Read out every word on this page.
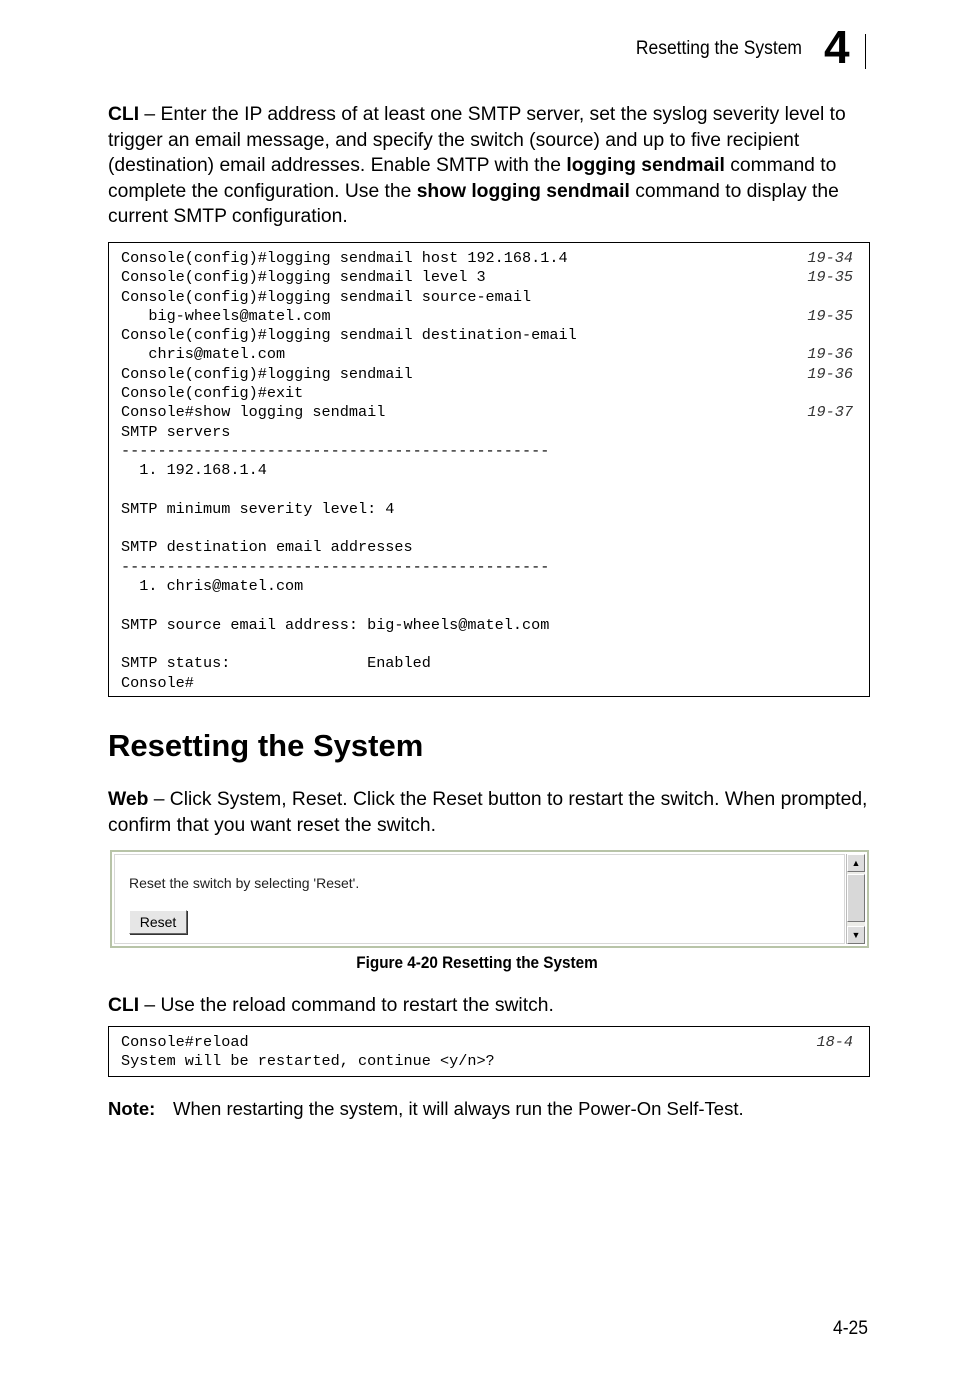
Resetting the System 4
CLI – Enter the IP address of at least one SMTP server, set the syslog severity level to trigger an email message, and specify the switch (source) and up to five recipient (destination) email addresses. Enable SMTP with the logging sendmail command to complete the configuration. Use the show logging sendmail command to display the current SMTP configuration.
Console(config)#logging sendmail host 192.168.1.4	19-34
Console(config)#logging sendmail level 3	19-35
Console(config)#logging sendmail source-email
big-wheels@matel.com	19-35
Console(config)#logging sendmail destination-email
chris@matel.com	19-36
Console(config)#logging sendmail	19-36
Console(config)#exit
Console#show logging sendmail	19-37
SMTP servers
-----------------------------------------------
1. 192.168.1.4
SMTP minimum severity level: 4
SMTP destination email addresses
-----------------------------------------------
1. chris@matel.com
SMTP source email address: big-wheels@matel.com
SMTP status:               Enabled
Console#
Resetting the System
Web – Click System, Reset. Click the Reset button to restart the switch. When prompted, confirm that you want reset the switch.
Reset the switch by selecting 'Reset'.
Reset
▲
▼
Figure 4-20 Resetting the System
CLI – Use the reload command to restart the switch.
Console#reload	18-4
System will be restarted, continue <y/n>?
Note: When restarting the system, it will always run the Power-On Self-Test.
4-25
